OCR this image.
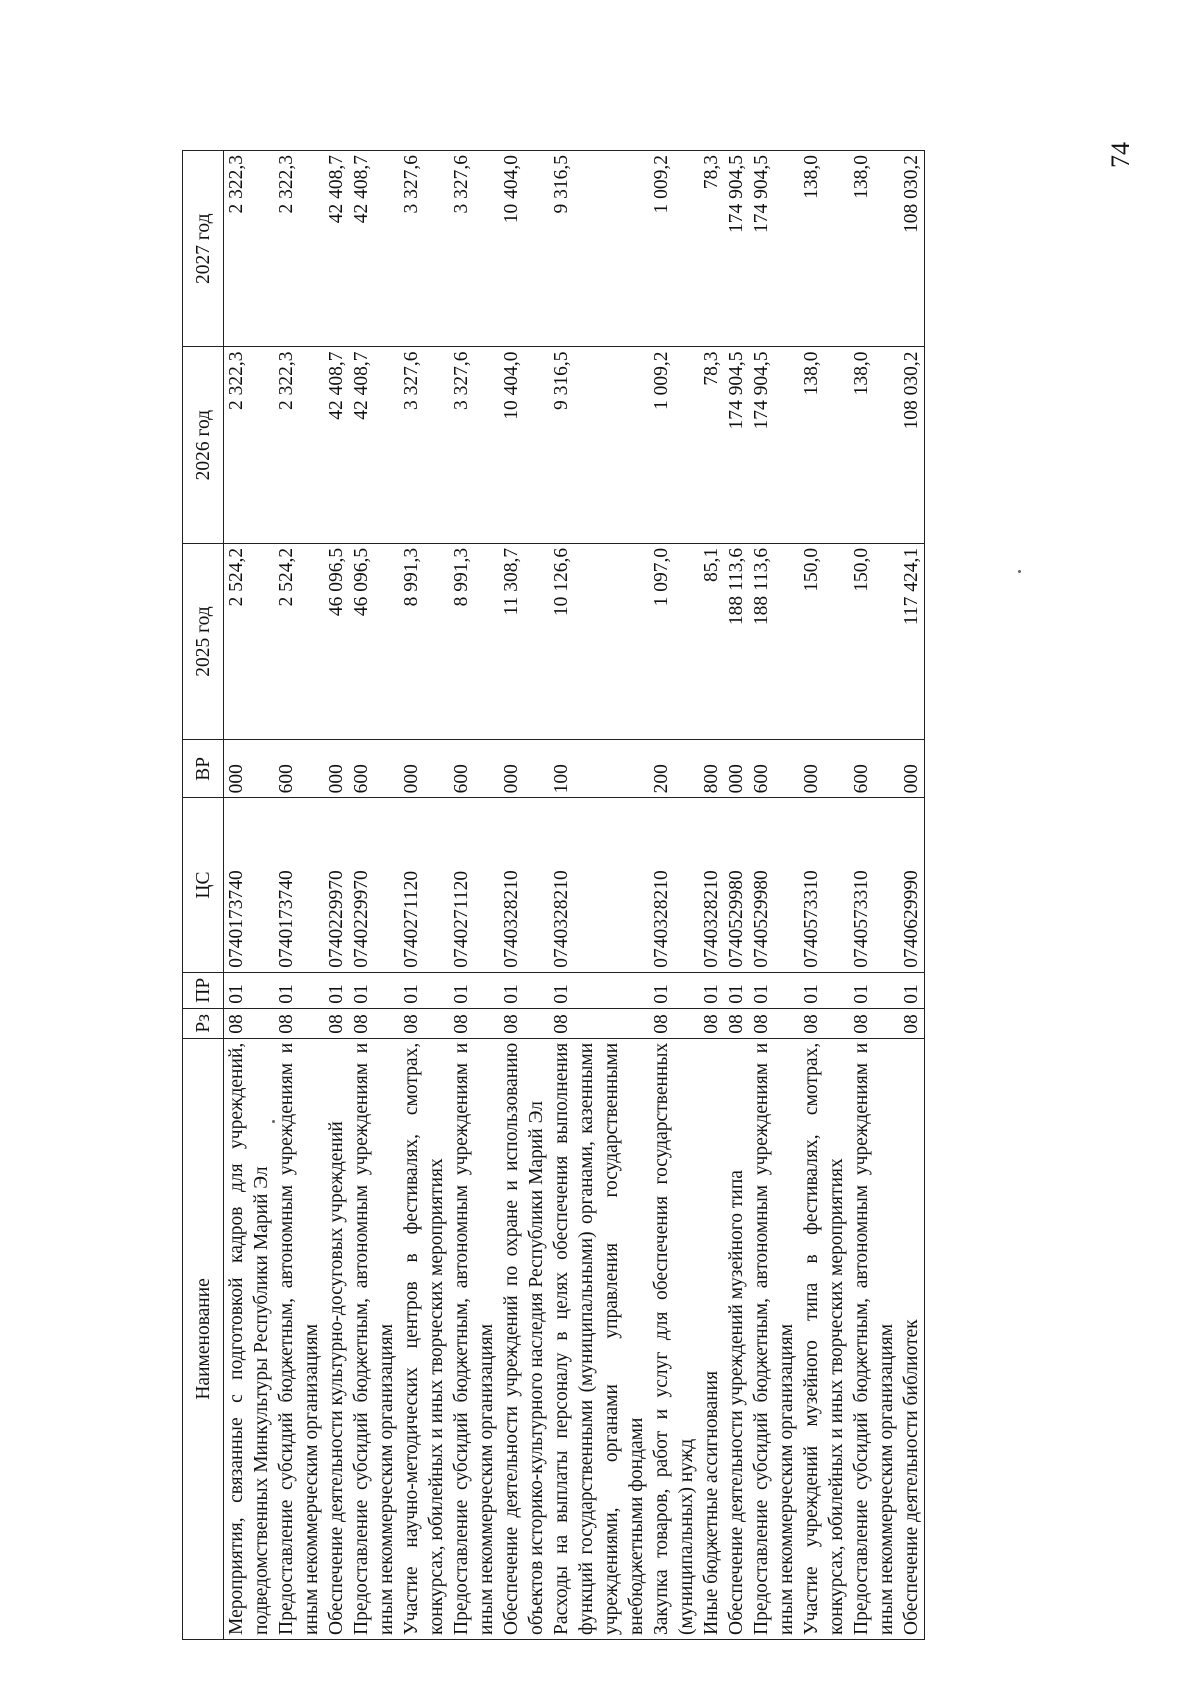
74
Наименование	Рз	ПР	ЦС	ВР	2025 год	2026 год	2027 год
Мероприятия, связанные с подготовкой кадров для учреждений, подведомственных Минкультуры Республики Марий Эл	08	01	0740173740	000	2 524,2	2 322,3	2 322,3
Предоставление субсидий бюджетным, автономным учреждениям и иным некоммерческим организациям	08	01	0740173740	600	2 524,2	2 322,3	2 322,3
Обеспечение деятельности культурно-досуговых учреждений	08	01	0740229970	000	46 096,5	42 408,7	42 408,7
Предоставление субсидий бюджетным, автономным учреждениям и иным некоммерческим организациям	08	01	0740229970	600	46 096,5	42 408,7	42 408,7
Участие научно-методических центров в фестивалях, смотрах, конкурсах, юбилейных и иных творческих мероприятиях	08	01	0740271120	000	8 991,3	3 327,6	3 327,6
Предоставление субсидий бюджетным, автономным учреждениям и иным некоммерческим организациям	08	01	0740271120	600	8 991,3	3 327,6	3 327,6
Обеспечение деятельности учреждений по охране и использованию объектов историко-культурного наследия Республики Марий Эл	08	01	0740328210	000	11 308,7	10 404,0	10 404,0
Расходы на выплаты персоналу в целях обеспечения выполнения функций государственными (муниципальными) органами, казенными учреждениями, органами управления государственными внебюджетными фондами	08	01	0740328210	100	10 126,6	9 316,5	9 316,5
Закупка товаров, работ и услуг для обеспечения государственных (муниципальных) нужд	08	01	0740328210	200	1 097,0	1 009,2	1 009,2
Иные бюджетные ассигнования	08	01	0740328210	800	85,1	78,3	78,3
Обеспечение деятельности учреждений музейного типа	08	01	0740529980	000	188 113,6	174 904,5	174 904,5
Предоставление субсидий бюджетным, автономным учреждениям и иным некоммерческим организациям	08	01	0740529980	600	188 113,6	174 904,5	174 904,5
Участие учреждений музейного типа в фестивалях, смотрах, конкурсах, юбилейных и иных творческих мероприятиях	08	01	0740573310	000	150,0	138,0	138,0
Предоставление субсидий бюджетным, автономным учреждениям и иным некоммерческим организациям	08	01	0740573310	600	150,0	138,0	138,0
Обеспечение деятельности библиотек	08	01	0740629990	000	117 424,1	108 030,2	108 030,2
